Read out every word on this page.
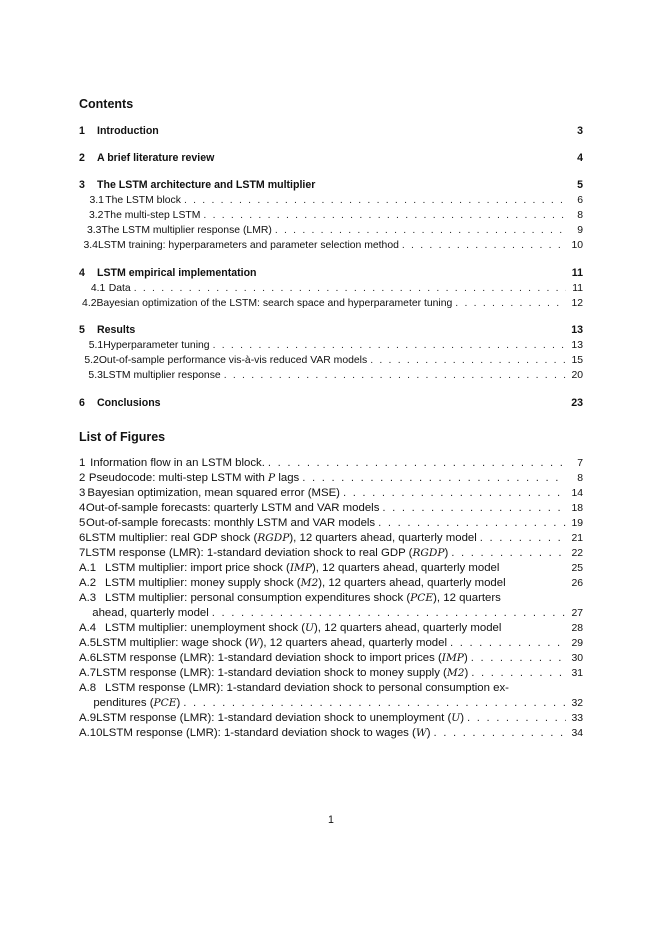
Contents
1	Introduction	3
2	A brief literature review	4
3	The LSTM architecture and LSTM multiplier	5
3.1 The LSTM block . . .	6
3.2 The multi-step LSTM . . .	8
3.3 The LSTM multiplier response (LMR) . . .	9
3.4 LSTM training: hyperparameters and parameter selection method . . .	10
4	LSTM empirical implementation	11
4.1 Data . . .	11
4.2 Bayesian optimization of the LSTM: search space and hyperparameter tuning . . .	12
5	Results	13
5.1 Hyperparameter tuning . . .	13
5.2 Out-of-sample performance vis-à-vis reduced VAR models . . .	15
5.3 LSTM multiplier response . . .	20
6	Conclusions	23
List of Figures
1 Information flow in an LSTM block. . . .	7
2 Pseudocode: multi-step LSTM with P lags . . .	8
3 Bayesian optimization, mean squared error (MSE) . . .	14
4 Out-of-sample forecasts: quarterly LSTM and VAR models . . .	18
5 Out-of-sample forecasts: monthly LSTM and VAR models . . .	19
6 LSTM multiplier: real GDP shock (RGDP), 12 quarters ahead, quarterly model . . .	21
7 LSTM response (LMR): 1-standard deviation shock to real GDP (RGDP) . . .	22
A.1 LSTM multiplier: import price shock (IMP), 12 quarters ahead, quarterly model	25
A.2 LSTM multiplier: money supply shock (M2), 12 quarters ahead, quarterly model	26
A.3 LSTM multiplier: personal consumption expenditures shock (PCE), 12 quarters
ahead, quarterly model . . .	27
A.4 LSTM multiplier: unemployment shock (U), 12 quarters ahead, quarterly model	28
A.5 LSTM multiplier: wage shock (W), 12 quarters ahead, quarterly model . . .	29
A.6 LSTM response (LMR): 1-standard deviation shock to import prices (IMP) . . .	30
A.7 LSTM response (LMR): 1-standard deviation shock to money supply (M2) . . .	31
A.8 LSTM response (LMR): 1-standard deviation shock to personal consumption ex-
penditures (PCE) . . .	32
A.9 LSTM response (LMR): 1-standard deviation shock to unemployment (U) . . .	33
A.10 LSTM response (LMR): 1-standard deviation shock to wages (W) . . .	34
1
